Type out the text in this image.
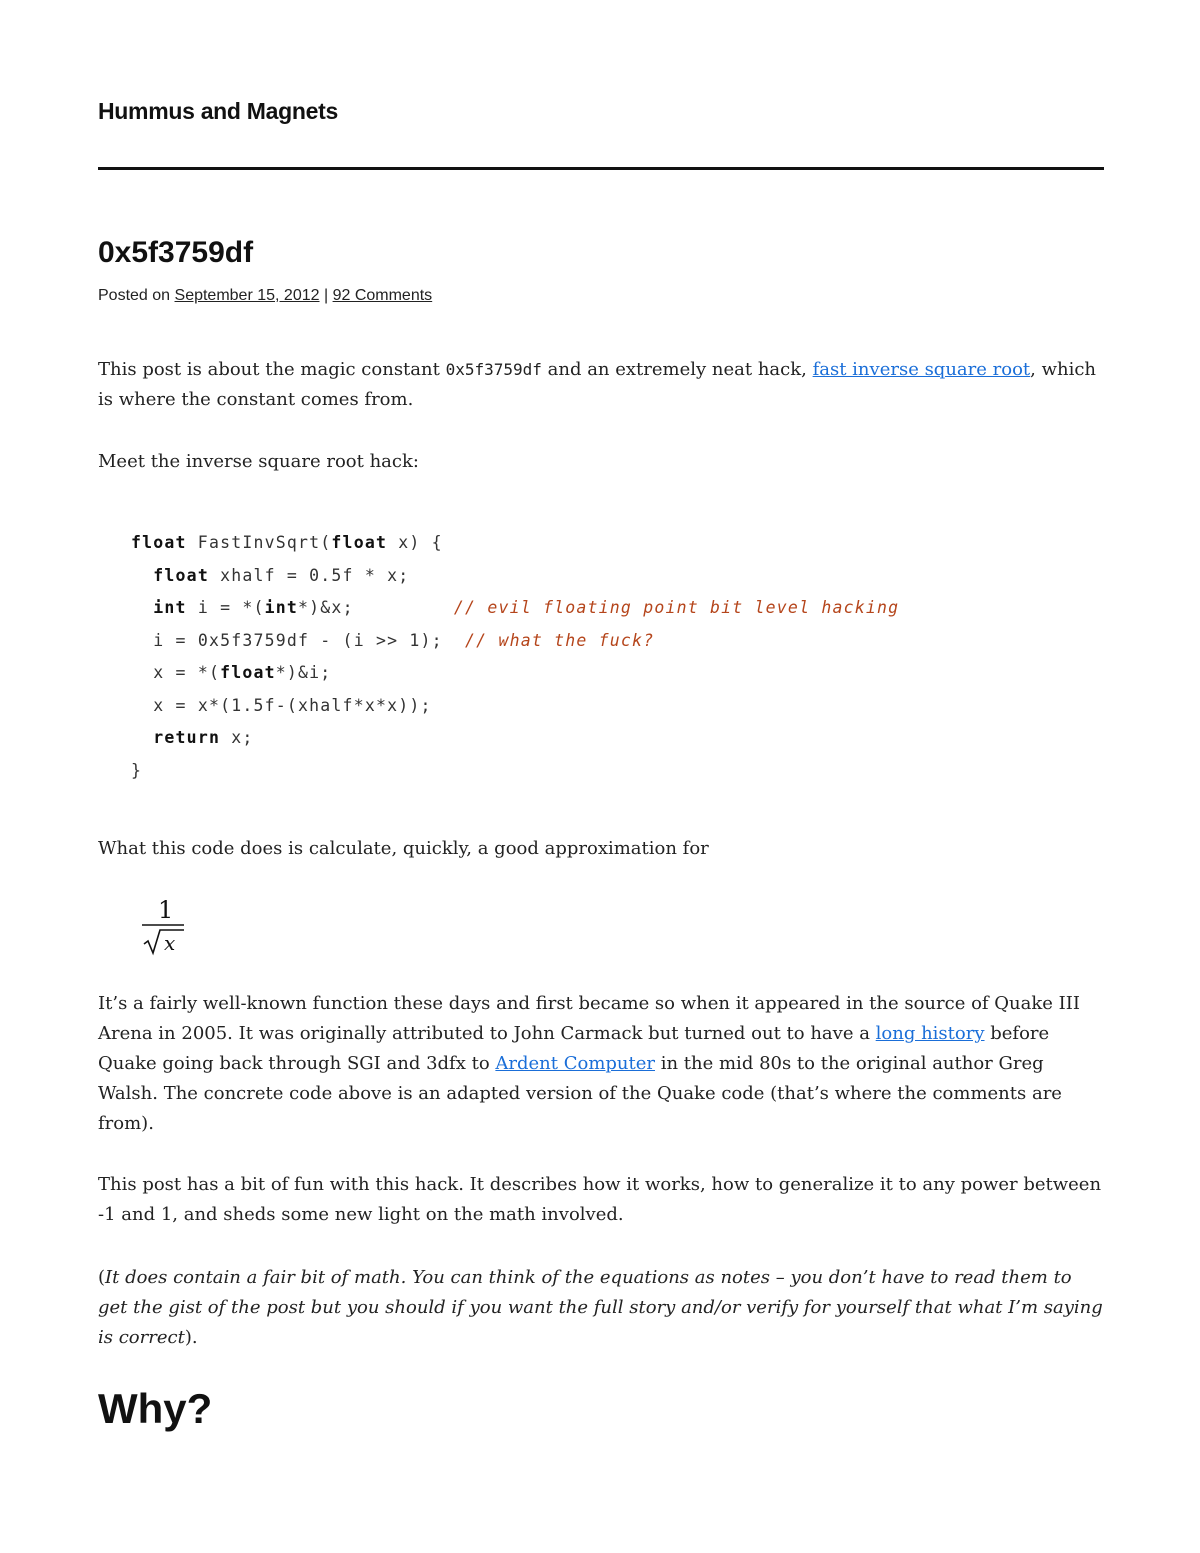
Hummus and Magnets
0x5f3759df
Posted on September 15, 2012 | 92 Comments

This post is about the magic constant 0x5f3759df and an extremely neat hack, fast inverse square root, which is where the constant comes from.

Meet the inverse square root hack:

float FastInvSqrt(float x) {
float xhalf = 0.5f * x;
int i = *(int*)&x;	// evil floating point bit level hacking
i = 0x5f3759df - (i >> 1); // what the fuck?
x = *(float*)&i;
x = x*(1.5f-(xhalf*x*x));
return x;
}

What this code does is calculate, quickly, a good approximation for

1
x

It’s a fairly well-known function these days and first became so when it appeared in the source of Quake III Arena in 2005. It was originally attributed to John Carmack but turned out to have a long history before Quake going back through SGI and 3dfx to Ardent Computer in the mid 80s to the original author Greg Walsh. The concrete code above is an adapted version of the Quake code (that’s where the comments are from).

This post has a bit of fun with this hack. It describes how it works, how to generalize it to any power between -1 and 1, and sheds some new light on the math involved.

(It does contain a fair bit of math. You can think of the equations as notes – you don’t have to read them to get the gist of the post but you should if you want the full story and/or verify for yourself that what I’m saying is correct).

Why?
